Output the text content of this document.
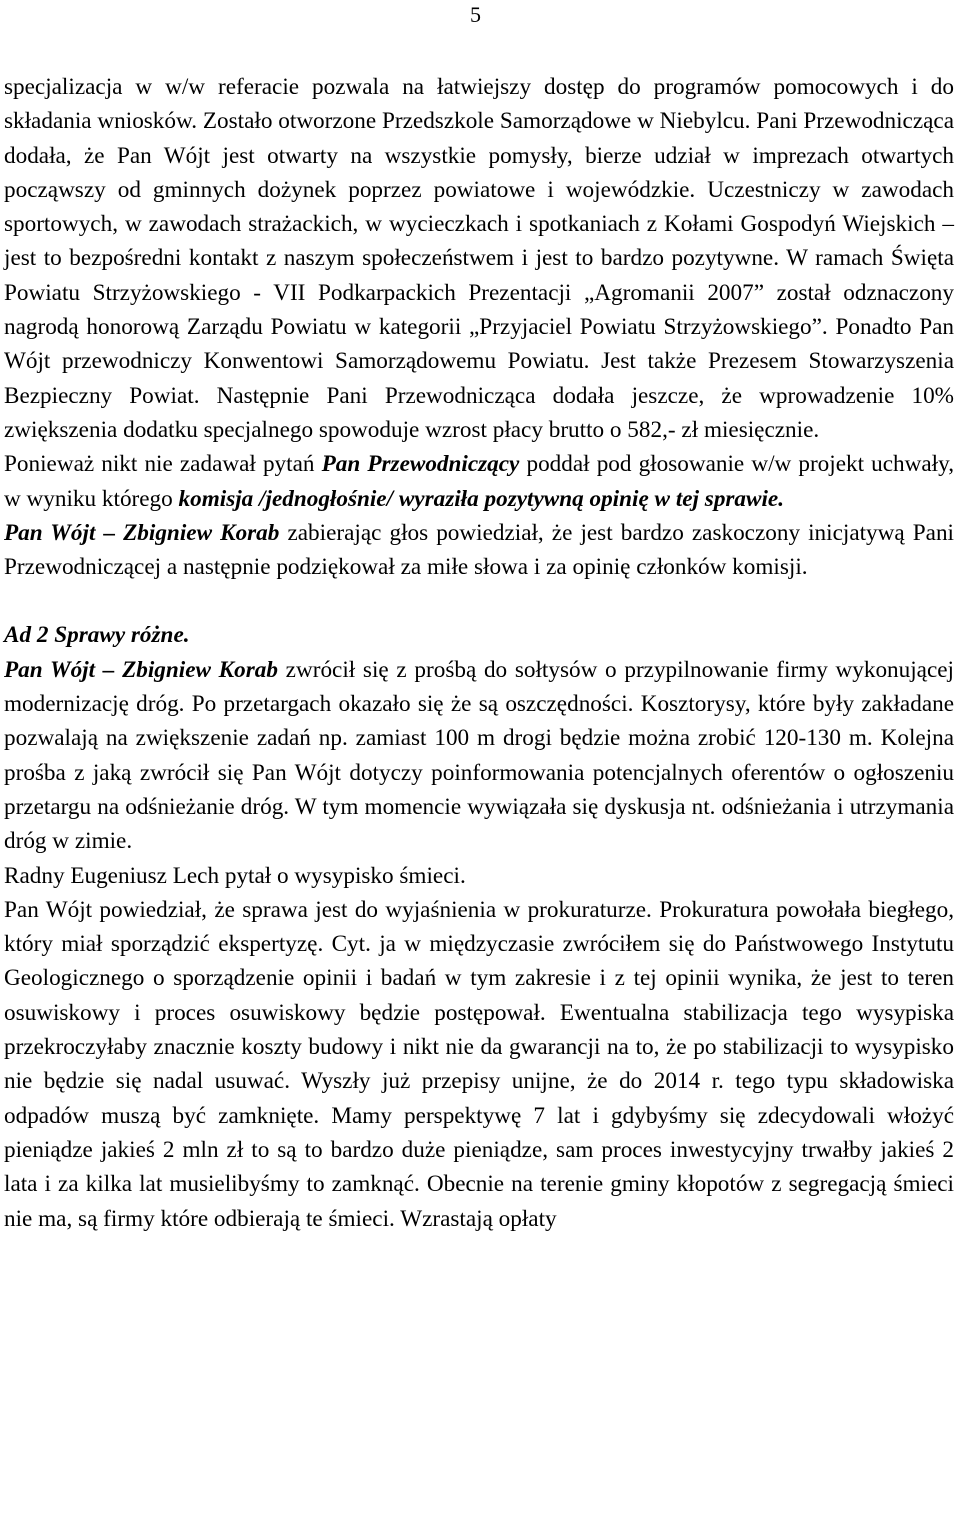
5

specjalizacja w w/w referacie pozwala na łatwiejszy dostęp do programów pomocowych i do składania wniosków. Zostało otworzone Przedszkole Samorządowe w Niebylcu. Pani Przewodnicząca dodała, że Pan Wójt jest otwarty na wszystkie pomysły, bierze udział w imprezach otwartych począwszy od gminnych dożynek poprzez powiatowe i wojewódzkie. Uczestniczy w zawodach sportowych, w zawodach strażackich, w wycieczkach i spotkaniach z Kołami Gospodyń Wiejskich – jest to bezpośredni kontakt z naszym społeczeństwem i jest to bardzo pozytywne. W ramach Święta Powiatu Strzyżowskiego - VII Podkarpackich Prezentacji „Agromanii 2007” został odznaczony nagrodą honorową Zarządu Powiatu w kategorii „Przyjaciel Powiatu Strzyżowskiego”. Ponadto Pan Wójt przewodniczy Konwentowi Samorządowemu Powiatu. Jest także Prezesem Stowarzyszenia Bezpieczny Powiat. Następnie Pani Przewodnicząca dodała jeszcze, że wprowadzenie 10% zwiększenia dodatku specjalnego spowoduje wzrost płacy brutto o 582,- zł miesięcznie.

Ponieważ nikt nie zadawał pytań Pan Przewodniczący poddał pod głosowanie w/w projekt uchwały, w wyniku którego komisja /jednogłośnie/ wyraziła pozytywną opinię w tej sprawie.

Pan Wójt – Zbigniew Korab zabierając głos powiedział, że jest bardzo zaskoczony inicjatywą Pani Przewodniczącej a następnie podziękował za miłe słowa i za opinię członków komisji.

Ad 2 Sprawy różne.

Pan Wójt – Zbigniew Korab zwrócił się z prośbą do sołtysów o przypilnowanie firmy wykonującej modernizację dróg. Po przetargach okazało się że są oszczędności. Kosztorysy, które były zakładane pozwalają na zwiększenie zadań np. zamiast 100 m drogi będzie można zrobić 120-130 m. Kolejna prośba z jaką zwrócił się Pan Wójt dotyczy poinformowania potencjalnych oferentów o ogłoszeniu przetargu na odśnieżanie dróg. W tym momencie wywiązała się dyskusja nt. odśnieżania i utrzymania dróg w zimie.

Radny Eugeniusz Lech pytał o wysypisko śmieci.

Pan Wójt powiedział, że sprawa jest do wyjaśnienia w prokuraturze. Prokuratura powołała biegłego, który miał sporządzić ekspertyzę. Cyt. ja w międzyczasie zwróciłem się do Państwowego Instytutu Geologicznego o sporządzenie opinii i badań w tym zakresie i z tej opinii wynika, że jest to teren osuwiskowy i proces osuwiskowy będzie postępował. Ewentualna stabilizacja tego wysypiska przekroczyłaby znacznie koszty budowy i nikt nie da gwarancji na to, że po stabilizacji to wysypisko nie będzie się nadal usuwać. Wyszły już przepisy unijne, że do 2014 r. tego typu składowiska odpadów muszą być zamknięte. Mamy perspektywę 7 lat i gdybyśmy się zdecydowali włożyć pieniądze jakieś 2 mln zł to są to bardzo duże pieniądze, sam proces inwestycyjny trwałby jakieś 2 lata i za kilka lat musielibyśmy to zamknąć. Obecnie na terenie gminy kłopotów z segregacją śmieci nie ma, są firmy które odbierają te śmieci. Wzrastają opłaty
